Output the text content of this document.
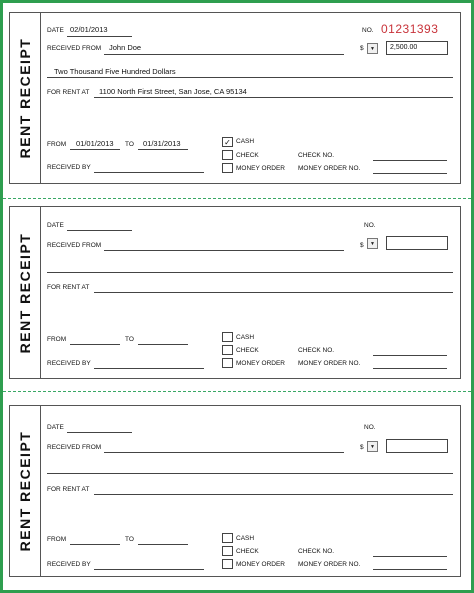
RENT RECEIPT
DATE 02/01/2013	NO. 01231393
RECEIVED FROM John Doe	$	▼	2,500.00
Two Thousand Five Hundred Dollars
FOR RENT AT 1100 North First Street, San Jose, CA 95134
FROM 01/01/2013 TO 01/31/2013	✓ CASH
CHECK	CHECK NO.
RECEIVED BY	MONEY ORDER MONEY ORDER NO.
RENT RECEIPT
DATE	NO.
RECEIVED FROM	$	▼
FOR RENT AT
FROM	TO	CASH
CHECK	CHECK NO.
RECEIVED BY	MONEY ORDER MONEY ORDER NO.
RENT RECEIPT
DATE	NO.
RECEIVED FROM	$	▼
FOR RENT AT
FROM	TO	CASH
CHECK	CHECK NO.
RECEIVED BY	MONEY ORDER MONEY ORDER NO.
